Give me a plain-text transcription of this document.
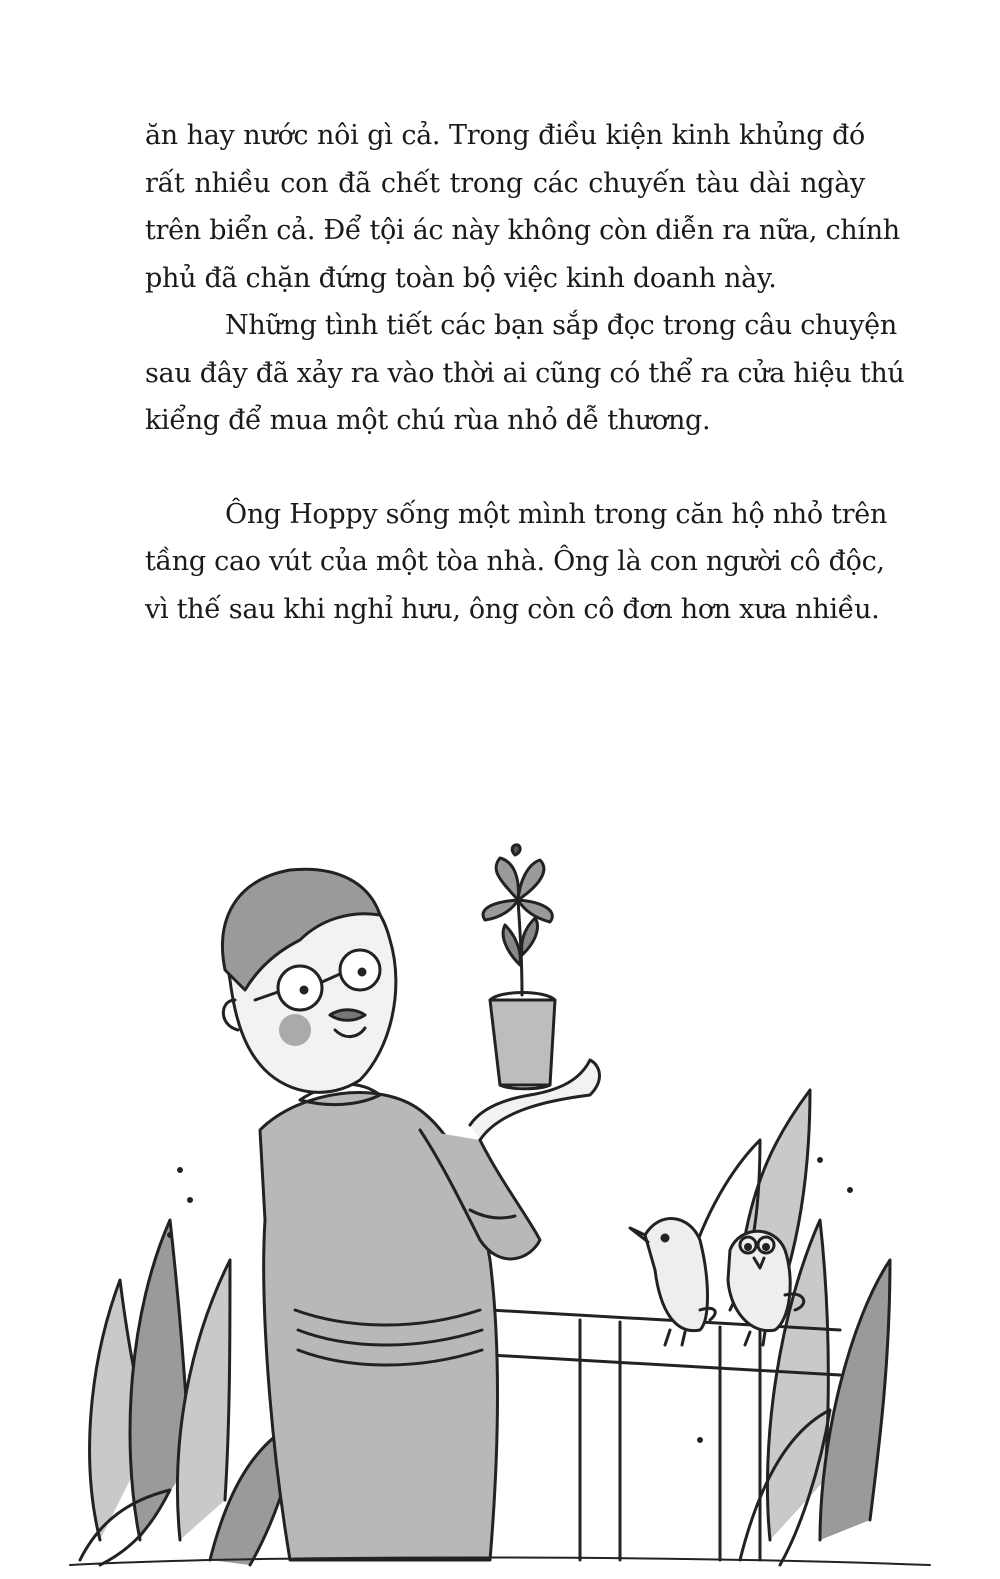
ăn hay nước nôi gì cả. Trong điều kiện kinh khủng đó
rất nhiều con đã chết trong các chuyến tàu dài ngày
trên biển cả. Để tội ác này không còn diễn ra nữa, chính
phủ đã chặn đứng toàn bộ việc kinh doanh này.
Những tình tiết các bạn sắp đọc trong câu chuyện
sau đây đã xảy ra vào thời ai cũng có thể ra cửa hiệu thú
kiểng để mua một chú rùa nhỏ dễ thương.
Ông Hoppy sống một mình trong căn hộ nhỏ trên
tầng cao vút của một tòa nhà. Ông là con người cô độc,
vì thế sau khi nghỉ hưu, ông còn cô đơn hơn xưa nhiều.
